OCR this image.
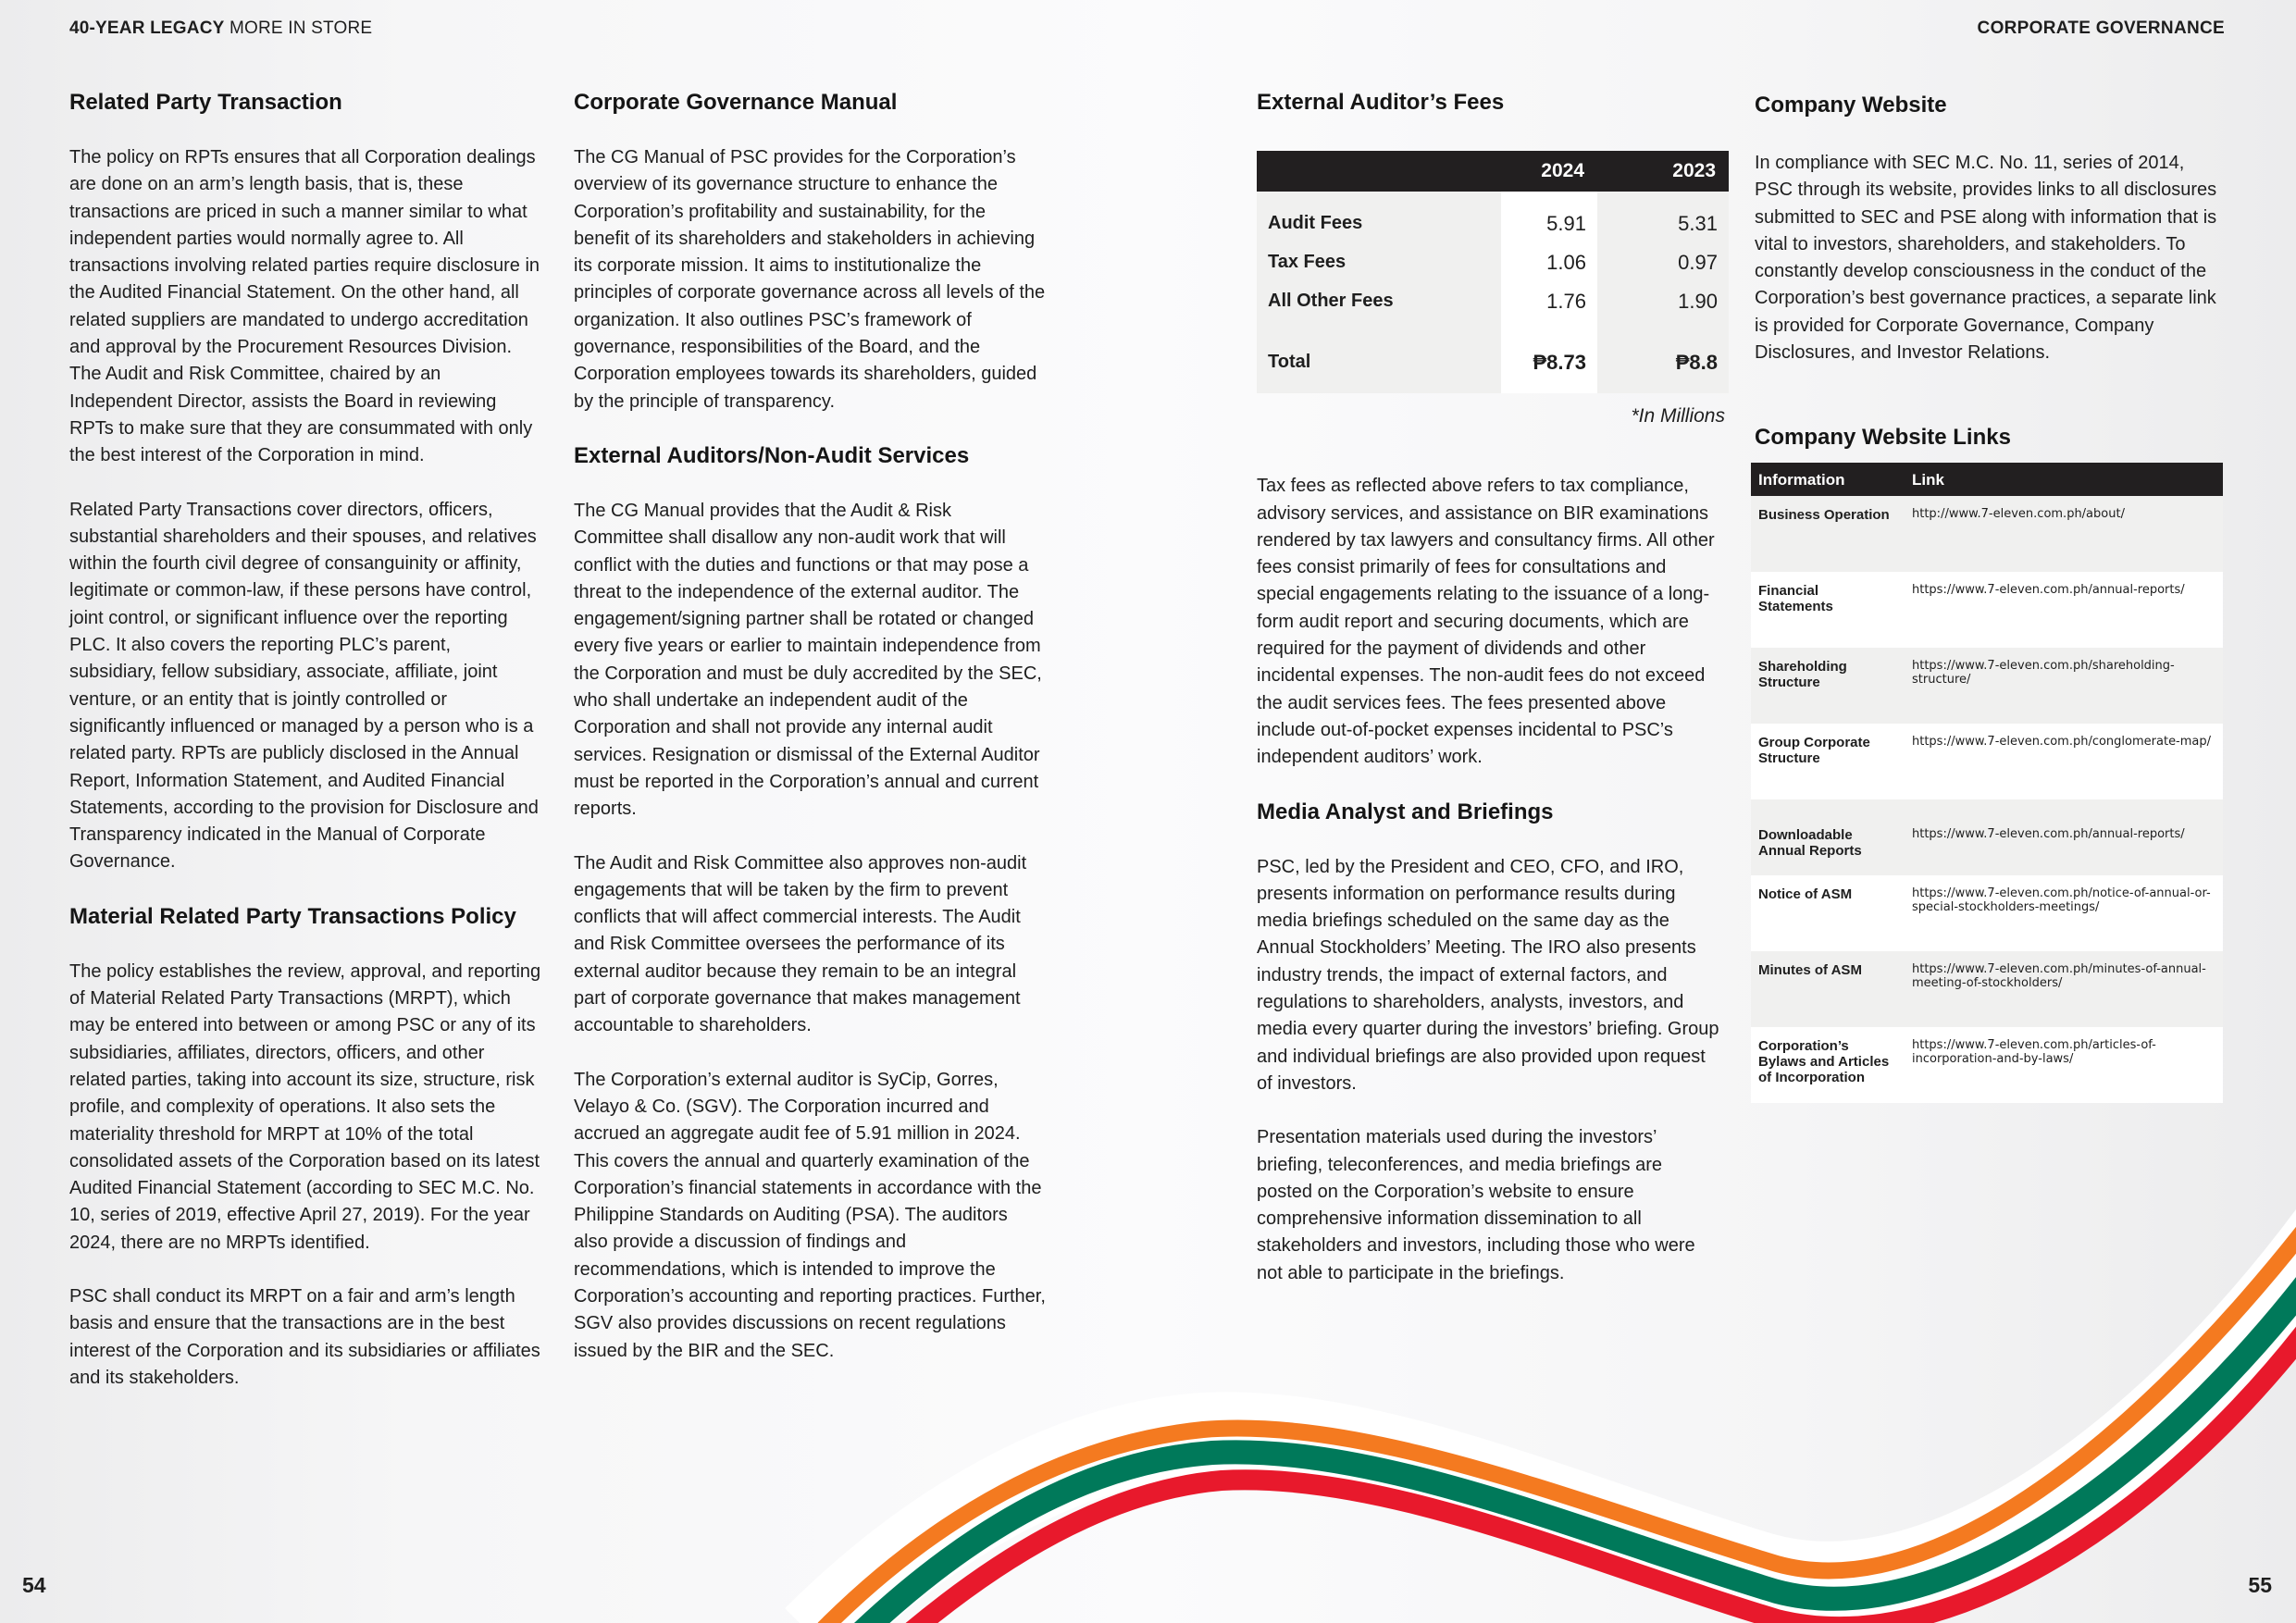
40-YEAR LEGACY MORE IN STORE	CORPORATE GOVERNANCE
Related Party Transaction

The policy on RPTs ensures that all Corporation dealings are done on an arm’s length basis, that is, these transactions are priced in such a manner similar to what independent parties would normally agree to. All transactions involving related parties require disclosure in the Audited Financial Statement. On the other hand, all related suppliers are mandated to undergo accreditation and approval by the Procurement Resources Division. The Audit and Risk Committee, chaired by an Independent Director, assists the Board in reviewing RPTs to make sure that they are consummated with only the best interest of the Corporation in mind.

Related Party Transactions cover directors, officers, substantial shareholders and their spouses, and relatives within the fourth civil degree of consanguinity or affinity, legitimate or common-law, if these persons have control, joint control, or significant influence over the reporting PLC. It also covers the reporting PLC’s parent, subsidiary, fellow subsidiary, associate, affiliate, joint venture, or an entity that is jointly controlled or significantly influenced or managed by a person who is a related party. RPTs are publicly disclosed in the Annual Report, Information Statement, and Audited Financial Statements, according to the provision for Disclosure and Transparency indicated in the Manual of Corporate Governance.

Material Related Party Transactions Policy

The policy establishes the review, approval, and reporting of Material Related Party Transactions (MRPT), which may be entered into between or among PSC or any of its subsidiaries, affiliates, directors, officers, and other related parties, taking into account its size, structure, risk profile, and complexity of operations. It also sets the materiality threshold for MRPT at 10% of the total consolidated assets of the Corporation based on its latest Audited Financial Statement (according to SEC M.C. No. 10, series of 2019, effective April 27, 2019). For the year 2024, there are no MRPTs identified.

PSC shall conduct its MRPT on a fair and arm’s length basis and ensure that the transactions are in the best interest of the Corporation and its subsidiaries or affiliates and its stakeholders.

Corporate Governance Manual

The CG Manual of PSC provides for the Corporation’s overview of its governance structure to enhance the Corporation’s profitability and sustainability, for the benefit of its shareholders and stakeholders in achieving its corporate mission. It aims to institutionalize the principles of corporate governance across all levels of the organization. It also outlines PSC’s framework of governance, responsibilities of the Board, and the Corporation employees towards its shareholders, guided by the principle of transparency.

External Auditors/Non-Audit Services

The CG Manual provides that the Audit & Risk Committee shall disallow any non-audit work that will conflict with the duties and functions or that may pose a threat to the independence of the external auditor. The engagement/signing partner shall be rotated or changed every five years or earlier to maintain independence from the Corporation and must be duly accredited by the SEC, who shall undertake an independent audit of the Corporation and shall not provide any internal audit services. Resignation or dismissal of the External Auditor must be reported in the Corporation’s annual and current reports.

The Audit and Risk Committee also approves non-audit engagements that will be taken by the firm to prevent conflicts that will affect commercial interests. The Audit and Risk Committee oversees the performance of its external auditor because they remain to be an integral part of corporate governance that makes management accountable to shareholders.

The Corporation’s external auditor is SyCip, Gorres, Velayo & Co. (SGV). The Corporation incurred and accrued an aggregate audit fee of 5.91 million in 2024. This covers the annual and quarterly examination of the Corporation’s financial statements in accordance with the Philippine Standards on Auditing (PSA). The auditors also provide a discussion of findings and recommendations, which is intended to improve the Corporation’s accounting and reporting practices. Further, SGV also provides discussions on recent regulations issued by the BIR and the SEC.

External Auditor’s Fees
	2024	2023
Audit Fees	5.91	5.31
Tax Fees	1.06	0.97
All Other Fees	1.76	1.90

Total	₱8.73	₱8.8
*In Millions

Tax fees as reflected above refers to tax compliance, advisory services, and assistance on BIR examinations rendered by tax lawyers and consultancy firms. All other fees consist primarily of fees for consultations and special engagements relating to the issuance of a long-form audit report and securing documents, which are required for the payment of dividends and other incidental expenses. The non-audit fees do not exceed the audit services fees. The fees presented above include out-of-pocket expenses incidental to PSC’s independent auditors’ work.

Media Analyst and Briefings

PSC, led by the President and CEO, CFO, and IRO, presents information on performance results during media briefings scheduled on the same day as the Annual Stockholders’ Meeting. The IRO also presents industry trends, the impact of external factors, and regulations to shareholders, analysts, investors, and media every quarter during the investors’ briefing. Group and individual briefings are also provided upon request of investors.

Presentation materials used during the investors’ briefing, teleconferences, and media briefings are posted on the Corporation’s website to ensure comprehensive information dissemination to all stakeholders and investors, including those who were not able to participate in the briefings.

Company Website

In compliance with SEC M.C. No. 11, series of 2014, PSC through its website, provides links to all disclosures submitted to SEC and PSE along with information that is vital to investors, shareholders, and stakeholders. To constantly develop consciousness in the conduct of the Corporation’s best governance practices, a separate link is provided for Corporate Governance, Company Disclosures, and Investor Relations.

Company Website Links
Information	Link
Business Operation	http://www.7-eleven.com.ph/about/
Financial Statements	https://www.7-eleven.com.ph/annual-reports/
Shareholding Structure	https://www.7-eleven.com.ph/shareholding-structure/
Group Corporate Structure	https://www.7-eleven.com.ph/conglomerate-map/
Downloadable Annual Reports	https://www.7-eleven.com.ph/annual-reports/
Notice of ASM	https://www.7-eleven.com.ph/notice-of-annual-or-special-stockholders-meetings/
Minutes of ASM	https://www.7-eleven.com.ph/minutes-of-annual-meeting-of-stockholders/
Corporation’s Bylaws and Articles of Incorporation	https://www.7-eleven.com.ph/articles-of-incorporation-and-by-laws/
54	55
